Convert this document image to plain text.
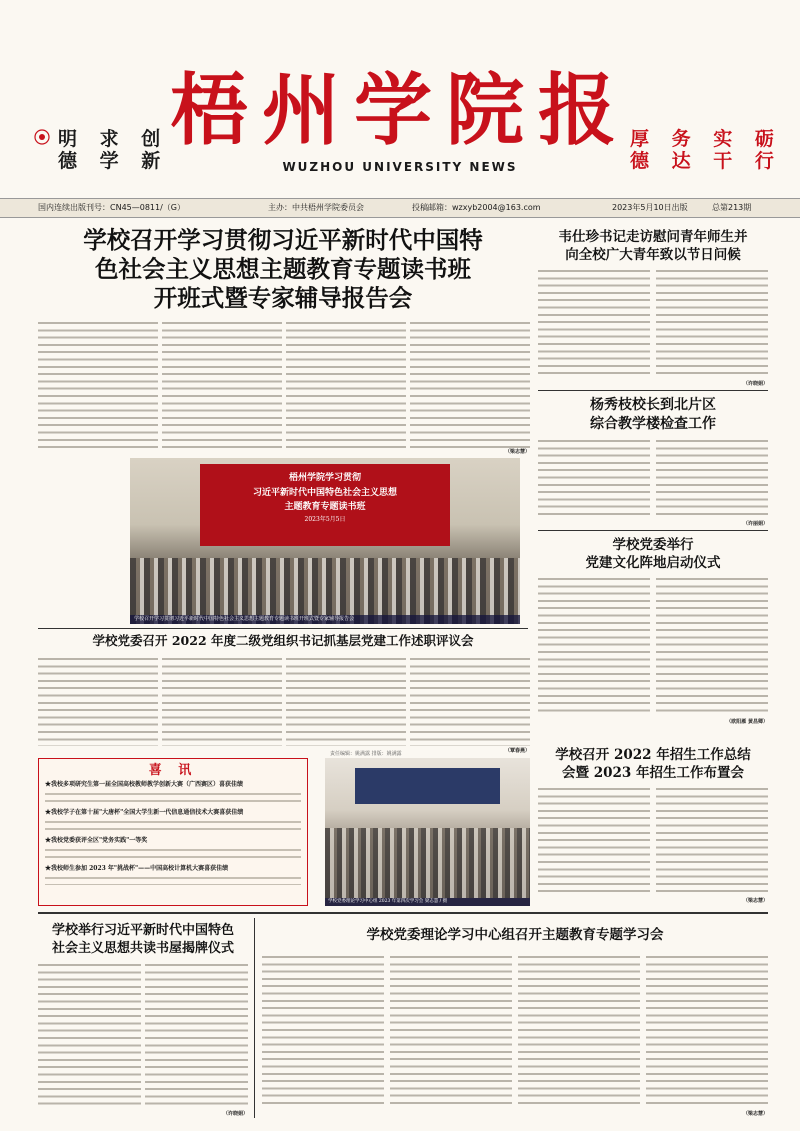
梧州学院报
WUZHOU UNIVERSITY NEWS
明 求 创
德 学 新
厚 务 实 砺
德 达 干 行
国内连续出版刊号：CN45—0811/（G）	主办：中共梧州学院委员会	投稿邮箱：wzxyb2004@163.com	2023年5月10日出版	总第213期
学校召开学习贯彻习近平新时代中国特
色社会主义思想主题教育专题读书班
开班式暨专家辅导报告会
（梁志慧）
梧州学院学习贯彻
习近平新时代中国特色社会主义思想
主题教育专题读书班
2023年5月5日
学校召开学习贯彻习近平新时代中国特色社会主义思想主题教育专题读书班开班式暨专家辅导报告会
韦仕珍书记走访慰问青年师生并
向全校广大青年致以节日问候
（许晓娟）
杨秀枝校长到北片区
综合教学楼检查工作
（许丽娟）
学校党委举行
党建文化阵地启动仪式
（欧阳雁 黄昌卿）
学校党委召开 2022 年度二级党组织书记抓基层党建工作述职评议会
（覃春燕）
喜 讯
★我校多项研究生第一届全国高校教师教学创新大赛（广西赛区）喜获佳绩
★我校学子在第十届"大唐杯"全国大学生新一代信息通信技术大赛喜获佳绩
★我校党委获评全区"党务实践"一等奖
★我校师生参加 2023 年"挑战杯"——中国高校计算机大赛喜获佳绩
责任编辑：姚满露 排版：姚满露
学校党委理论学习中心组 2023 年第四次学习会 梁志慧 / 摄
学校召开 2022 年招生工作总结
会暨 2023 年招生工作布置会
（梁志慧）
学校举行习近平新时代中国特色
社会主义思想共读书屋揭牌仪式
（许晓娟）
学校党委理论学习中心组召开主题教育专题学习会
（梁志慧）
